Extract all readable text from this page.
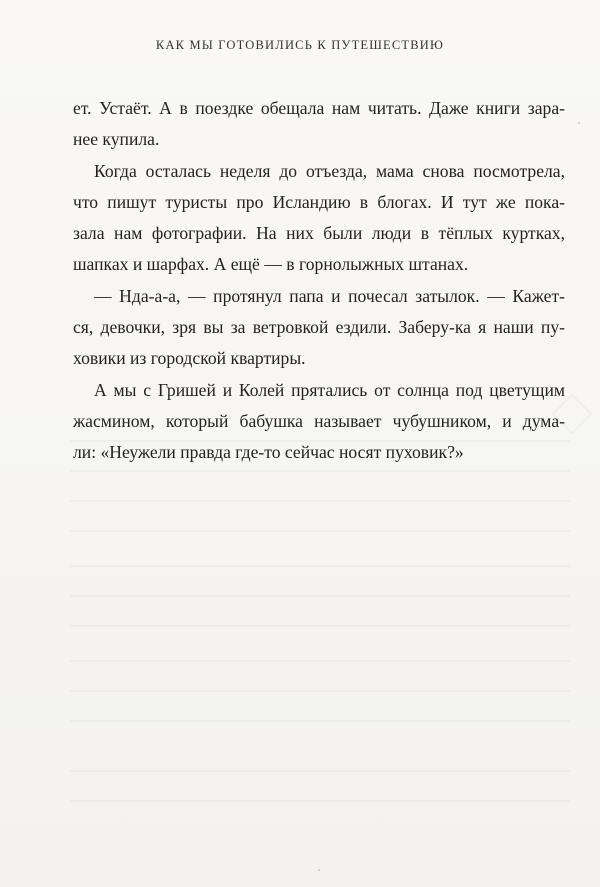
КАК МЫ ГОТОВИЛИСЬ К ПУТЕШЕСТВИЮ

ет. Устаёт. А в поездке обещала нам читать. Даже книги зара-
нее купила.

Когда осталась неделя до отъезда, мама снова посмотрела,
что пишут туристы про Исландию в блогах. И тут же пока-
зала нам фотографии. На них были люди в тёплых куртках,
шапках и шарфах. А ещё — в горнолыжных штанах.

— Нда-а-а, — протянул папа и почесал затылок. — Кажет-
ся, девочки, зря вы за ветровкой ездили. Заберу-ка я наши пу-
ховики из городской квартиры.

А мы с Гришей и Колей прятались от солнца под цветущим
жасмином, который бабушка называет чубушником, и дума-
ли: «Неужели правда где-то сейчас носят пуховик?»
